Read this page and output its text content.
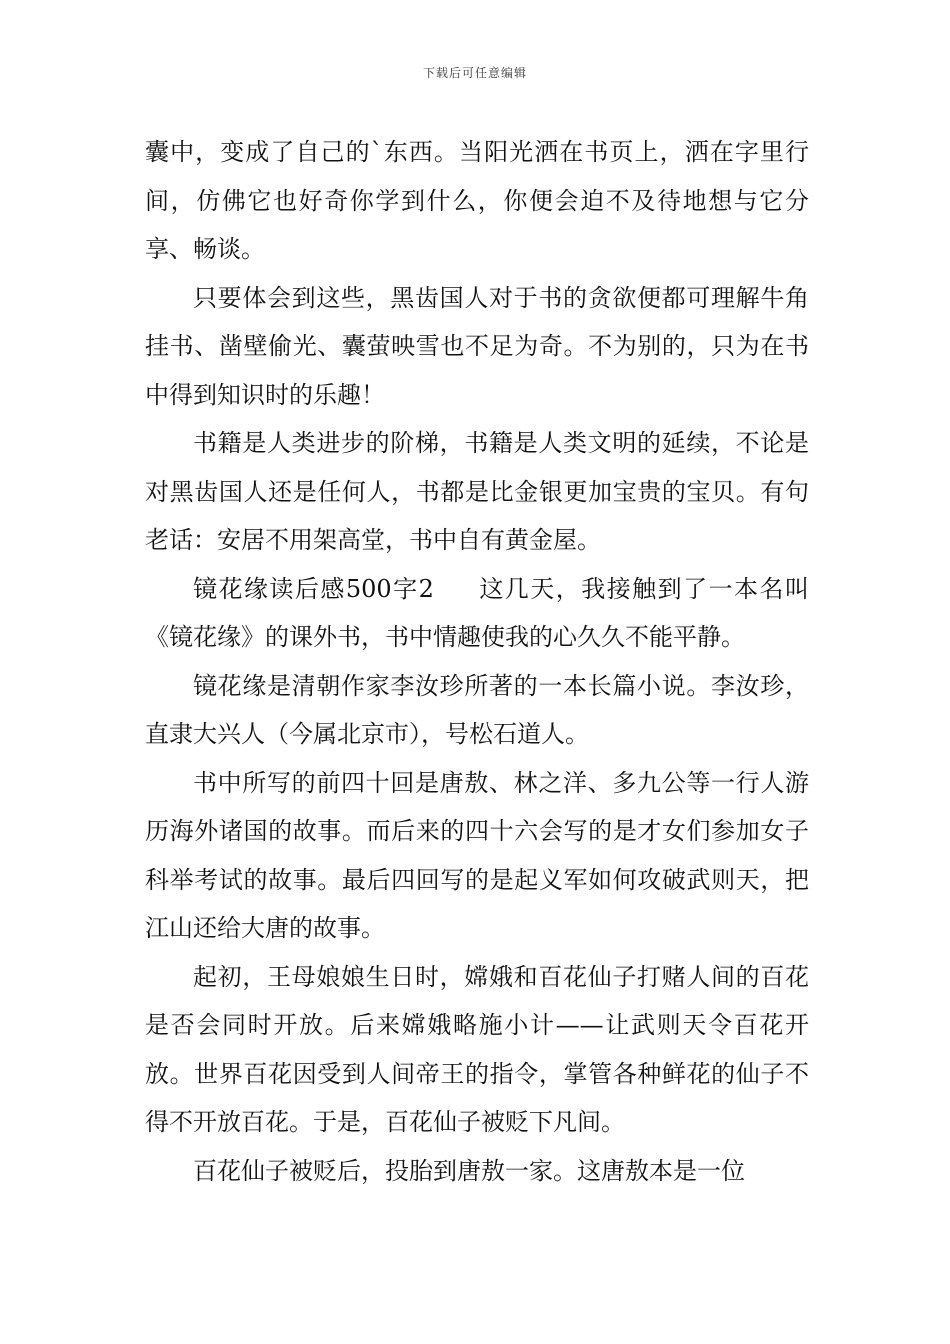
下载后可任意编辑

囊中，变成了自己的`东西。当阳光洒在书页上，洒在字里行间，仿佛它也好奇你学到什么，你便会迫不及待地想与它分享、畅谈。

只要体会到这些，黑齿国人对于书的贪欲便都可理解牛角挂书、凿壁偷光、囊萤映雪也不足为奇。不为别的，只为在书中得到知识时的乐趣！

书籍是人类进步的阶梯，书籍是人类文明的延续，不论是对黑齿国人还是任何人，书都是比金银更加宝贵的宝贝。有句老话：安居不用架高堂，书中自有黄金屋。

镜花缘读后感500字2 这几天，我接触到了一本名叫《镜花缘》的课外书，书中情趣使我的心久久不能平静。

镜花缘是清朝作家李汝珍所著的一本长篇小说。李汝珍，直隶大兴人（今属北京市），号松石道人。

书中所写的前四十回是唐敖、林之洋、多九公等一行人游历海外诸国的故事。而后来的四十六会写的是才女们参加女子科举考试的故事。最后四回写的是起义军如何攻破武则天，把江山还给大唐的故事。

起初，王母娘娘生日时，嫦娥和百花仙子打赌人间的百花是否会同时开放。后来嫦娥略施小计——让武则天令百花开放。世界百花因受到人间帝王的指令，掌管各种鲜花的仙子不得不开放百花。于是，百花仙子被贬下凡间。

百花仙子被贬后，投胎到唐敖一家。这唐敖本是一位
